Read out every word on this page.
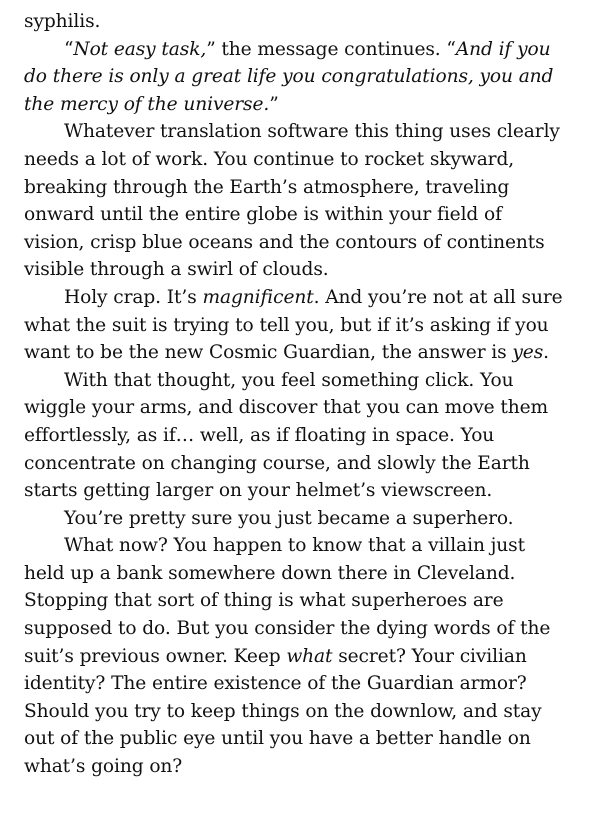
syphilis.

“Not easy task,” the message continues. “And if you do there is only a great life you congratulations, you and the mercy of the universe.”

Whatever translation software this thing uses clearly needs a lot of work. You continue to rocket skyward, breaking through the Earth’s atmosphere, traveling onward until the entire globe is within your field of vision, crisp blue oceans and the contours of continents visible through a swirl of clouds.

Holy crap. It’s magnificent. And you’re not at all sure what the suit is trying to tell you, but if it’s asking if you want to be the new Cosmic Guardian, the answer is yes.

With that thought, you feel something click. You wiggle your arms, and discover that you can move them effortlessly, as if… well, as if floating in space. You concentrate on changing course, and slowly the Earth starts getting larger on your helmet’s viewscreen.

You’re pretty sure you just became a superhero.

What now? You happen to know that a villain just held up a bank somewhere down there in Cleveland. Stopping that sort of thing is what superheroes are supposed to do. But you consider the dying words of the suit’s previous owner. Keep what secret? Your civilian identity? The entire existence of the Guardian armor? Should you try to keep things on the downlow, and stay out of the public eye until you have a better handle on what’s going on?
